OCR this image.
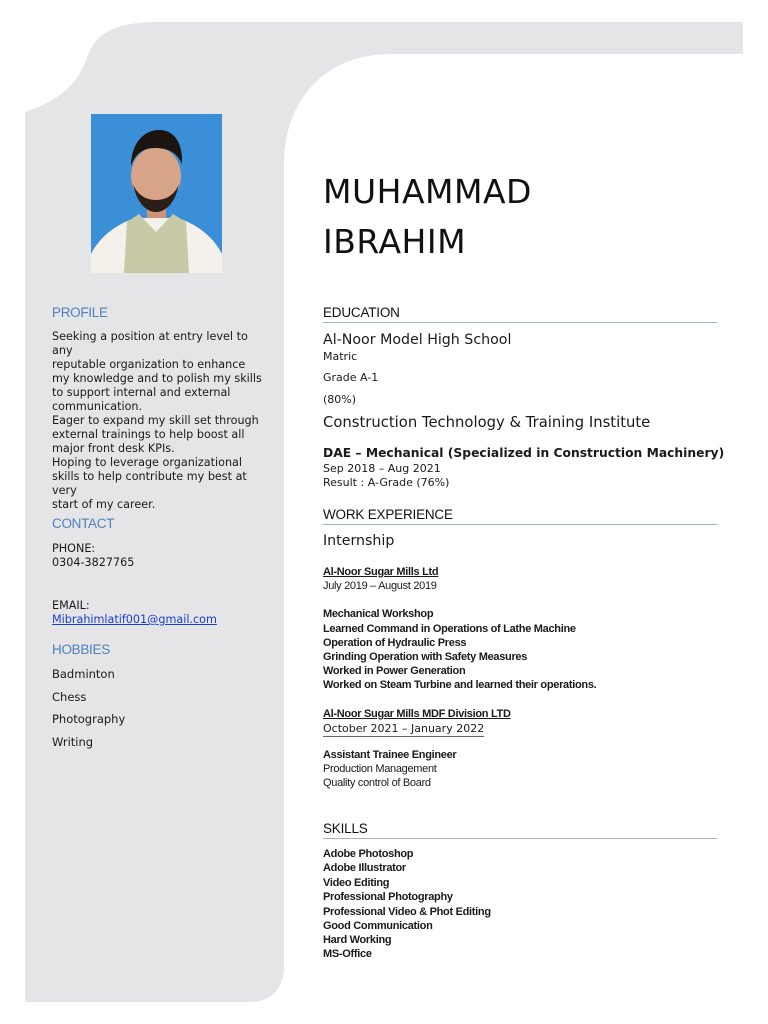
PROFILE
Seeking a position at entry level to any
reputable organization to enhance
my knowledge and to polish my skills
to support internal and external
communication.
Eager to expand my skill set through
external trainings to help boost all
major front desk KPIs.
Hoping to leverage organizational
skills to help contribute my best at very
start of my career.
CONTACT
PHONE:
0304-3827765
EMAIL:
Mibrahimlatif001@gmail.com
HOBBIES
Badminton
Chess
Photography
Writing
MUHAMMAD
IBRAHIM
EDUCATION
Al-Noor Model High School
Matric
Grade A-1
(80%)
Construction Technology & Training Institute
DAE – Mechanical (Specialized in Construction Machinery)
Sep 2018 – Aug 2021
Result : A-Grade (76%)
WORK EXPERIENCE
Internship
Al-Noor Sugar Mills Ltd
July 2019 – August 2019
Mechanical Workshop
Learned Command in Operations of Lathe Machine
Operation of Hydraulic Press
Grinding Operation with Safety Measures
Worked in Power Generation
Worked on Steam Turbine and learned their operations.
Al-Noor Sugar Mills MDF Division LTD
October 2021 – January 2022
Assistant Trainee Engineer
Production Management
Quality control of Board
SKILLS
Adobe Photoshop
Adobe Illustrator
Video Editing
Professional Photography
Professional Video & Phot Editing
Good Communication
Hard Working
MS-Office
